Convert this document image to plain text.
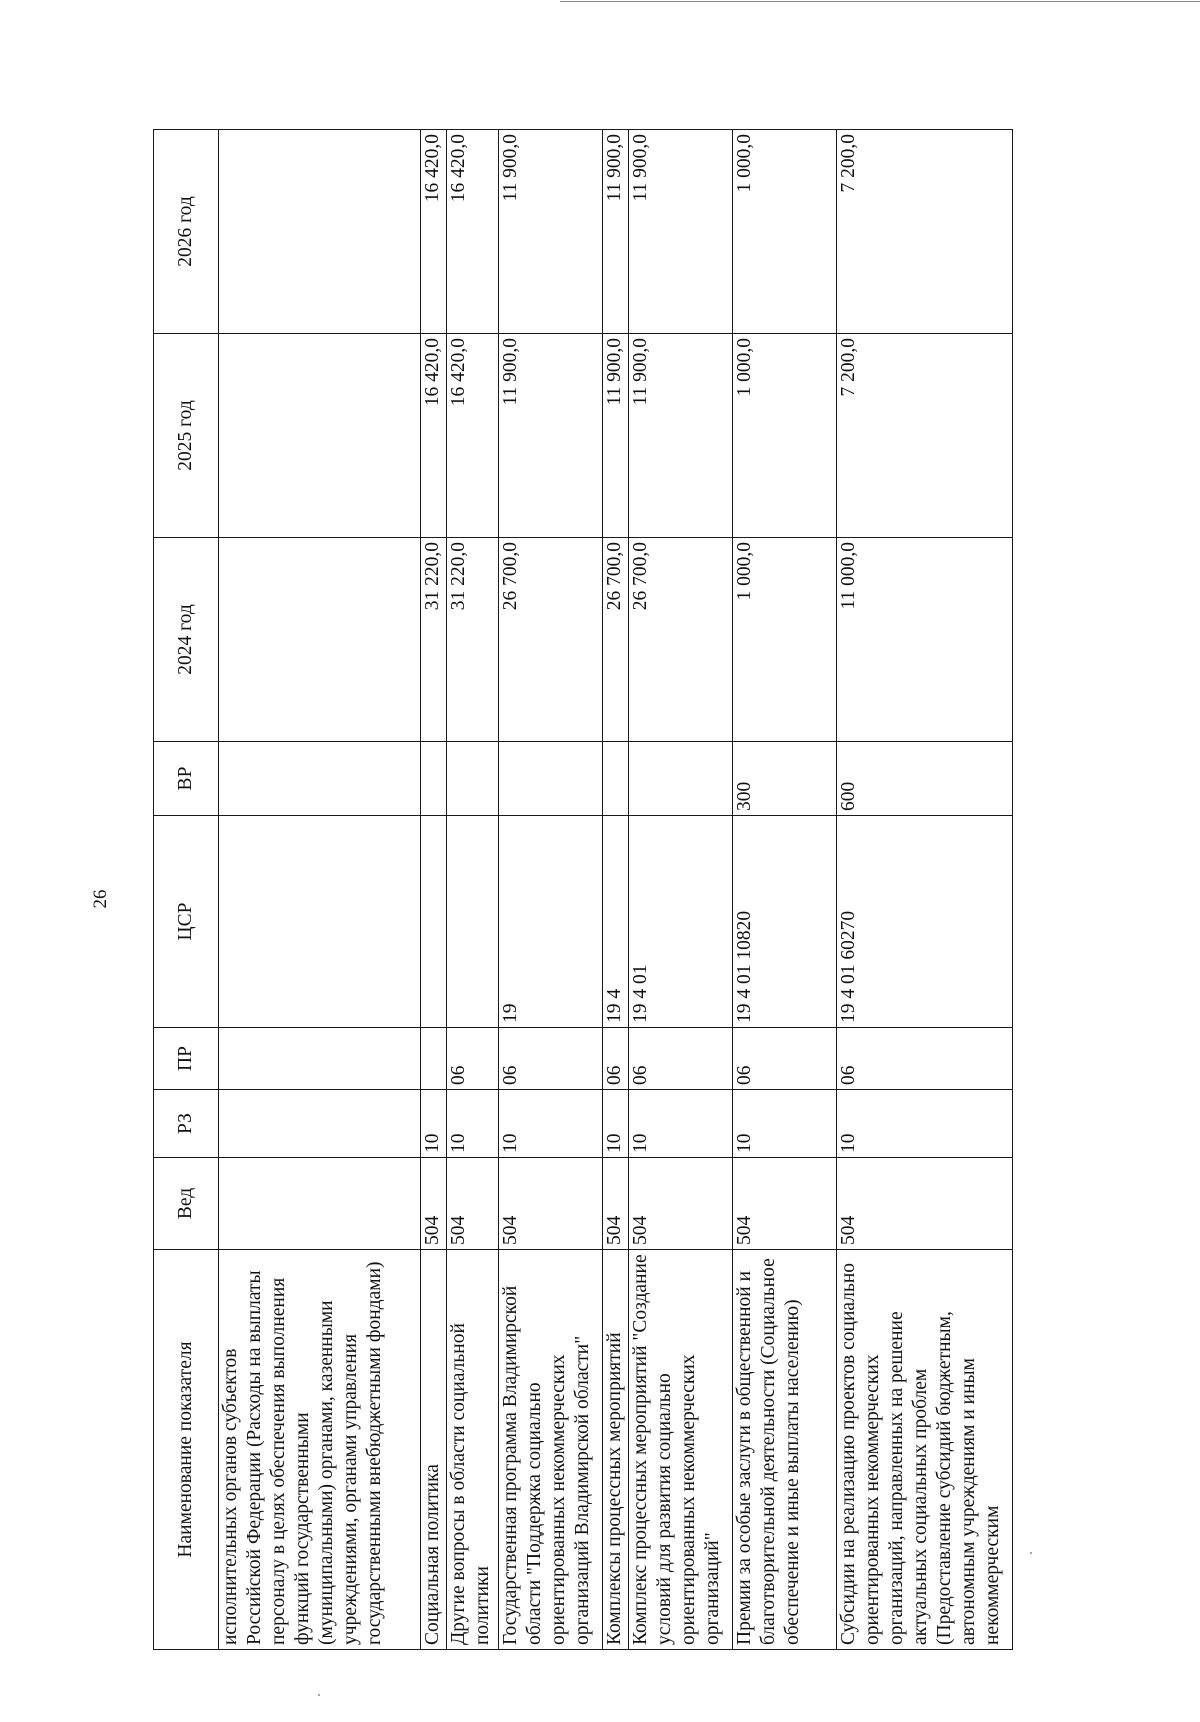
26
Наименование показателя	Вед	РЗ	ПР	ЦСР	ВР	2024 год	2025 год	2026 год
исполнительных органов субъектов Российской Федерации (Расходы на выплаты персоналу в целях обеспечения выполнения функций государственными (муниципальными) органами, казенными учреждениями, органами управления государственными внебюджетными фондами)								
Социальная политика	504	10				31 220,0	16 420,0	16 420,0
Другие вопросы в области социальной политики	504	10	06			31 220,0	16 420,0	16 420,0
Государственная программа Владимирской области "Поддержка социально ориентированных некоммерческих организаций Владимирской области"	504	10	06	19		26 700,0	11 900,0	11 900,0
Комплексы процессных мероприятий	504	10	06	19 4		26 700,0	11 900,0	11 900,0
Комплекс процессных мероприятий "Создание условий для развития социально ориентированных некоммерческих организаций"	504	10	06	19 4 01		26 700,0	11 900,0	11 900,0
Премии за особые заслуги в общественной и благотворительной деятельности (Социальное обеспечение и иные выплаты населению)	504	10	06	19 4 01 10820	300	1 000,0	1 000,0	1 000,0
Субсидии на реализацию проектов социально ориентированных некоммерческих организаций, направленных на решение актуальных социальных проблем (Предоставление субсидий бюджетным, автономным учреждениям и иным некоммерческим	504	10	06	19 4 01 60270	600	11 000,0	7 200,0	7 200,0
